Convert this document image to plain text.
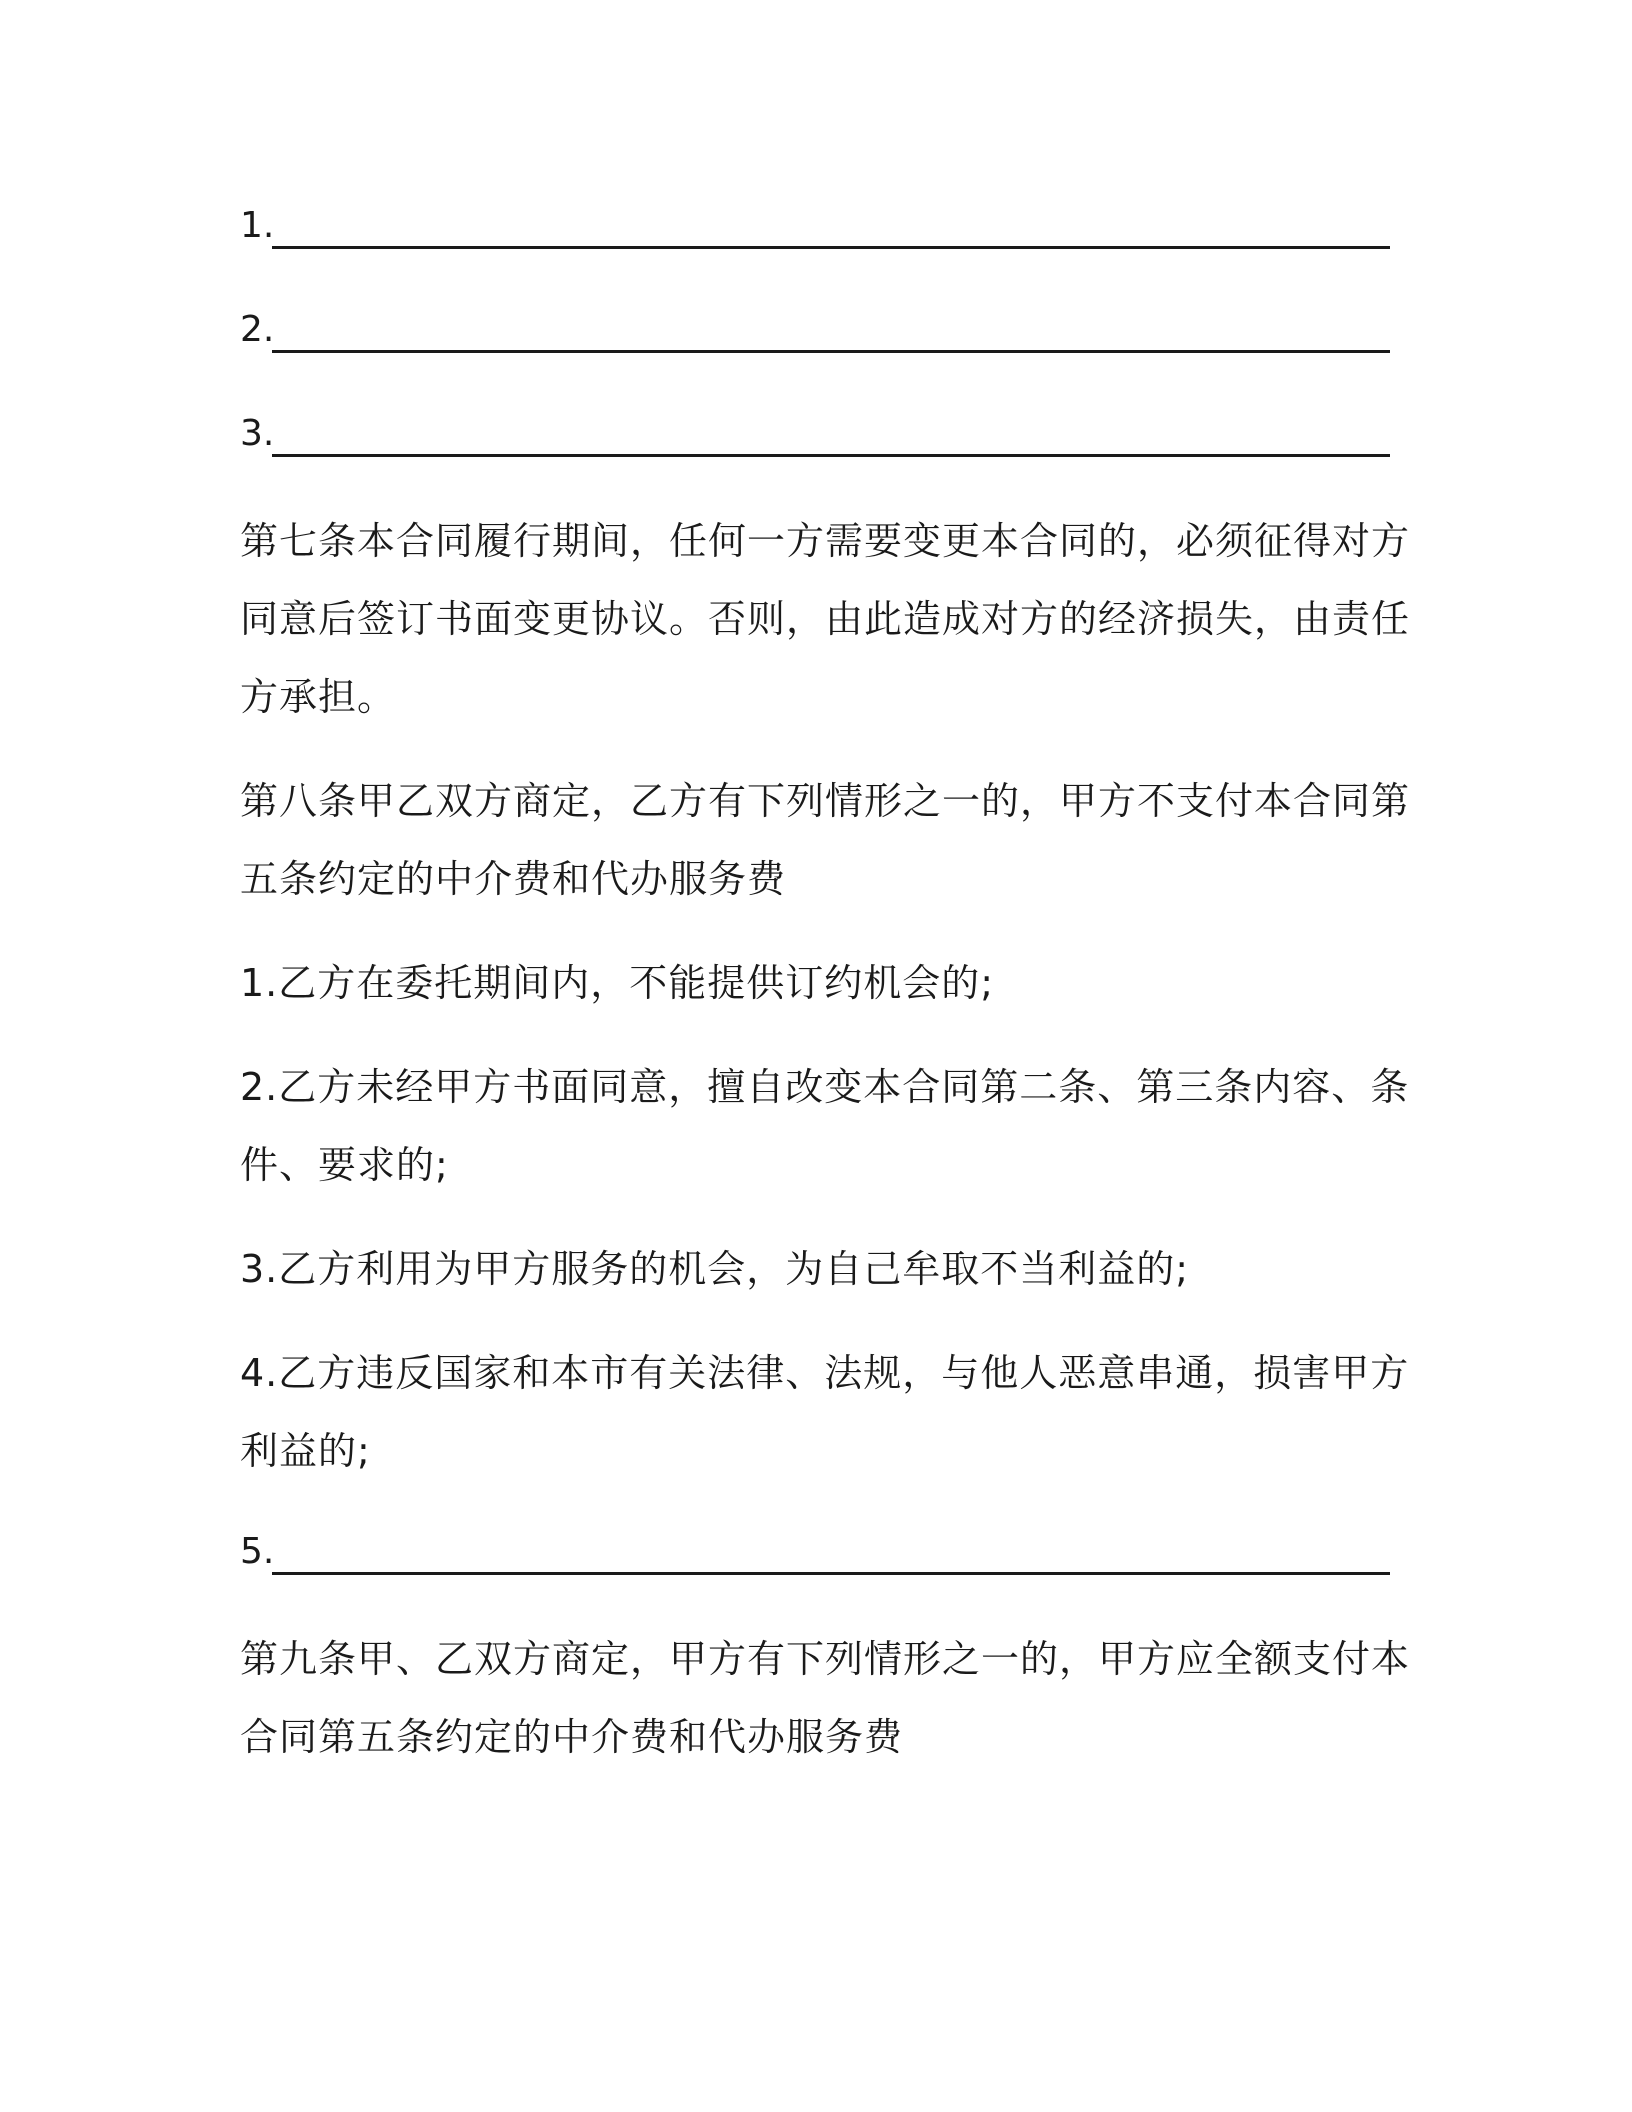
1.
2.
3.

第七条本合同履行期间，任何一方需要变更本合同的，必须征得对方
同意后签订书面变更协议。否则，由此造成对方的经济损失，由责任
方承担。

第八条甲乙双方商定，乙方有下列情形之一的，甲方不支付本合同第
五条约定的中介费和代办服务费

1.乙方在委托期间内，不能提供订约机会的;

2.乙方未经甲方书面同意，擅自改变本合同第二条、第三条内容、条
件、要求的;

3.乙方利用为甲方服务的机会，为自己牟取不当利益的;

4.乙方违反国家和本市有关法律、法规，与他人恶意串通，损害甲方
利益的;

5.

第九条甲、乙双方商定，甲方有下列情形之一的，甲方应全额支付本
合同第五条约定的中介费和代办服务费
